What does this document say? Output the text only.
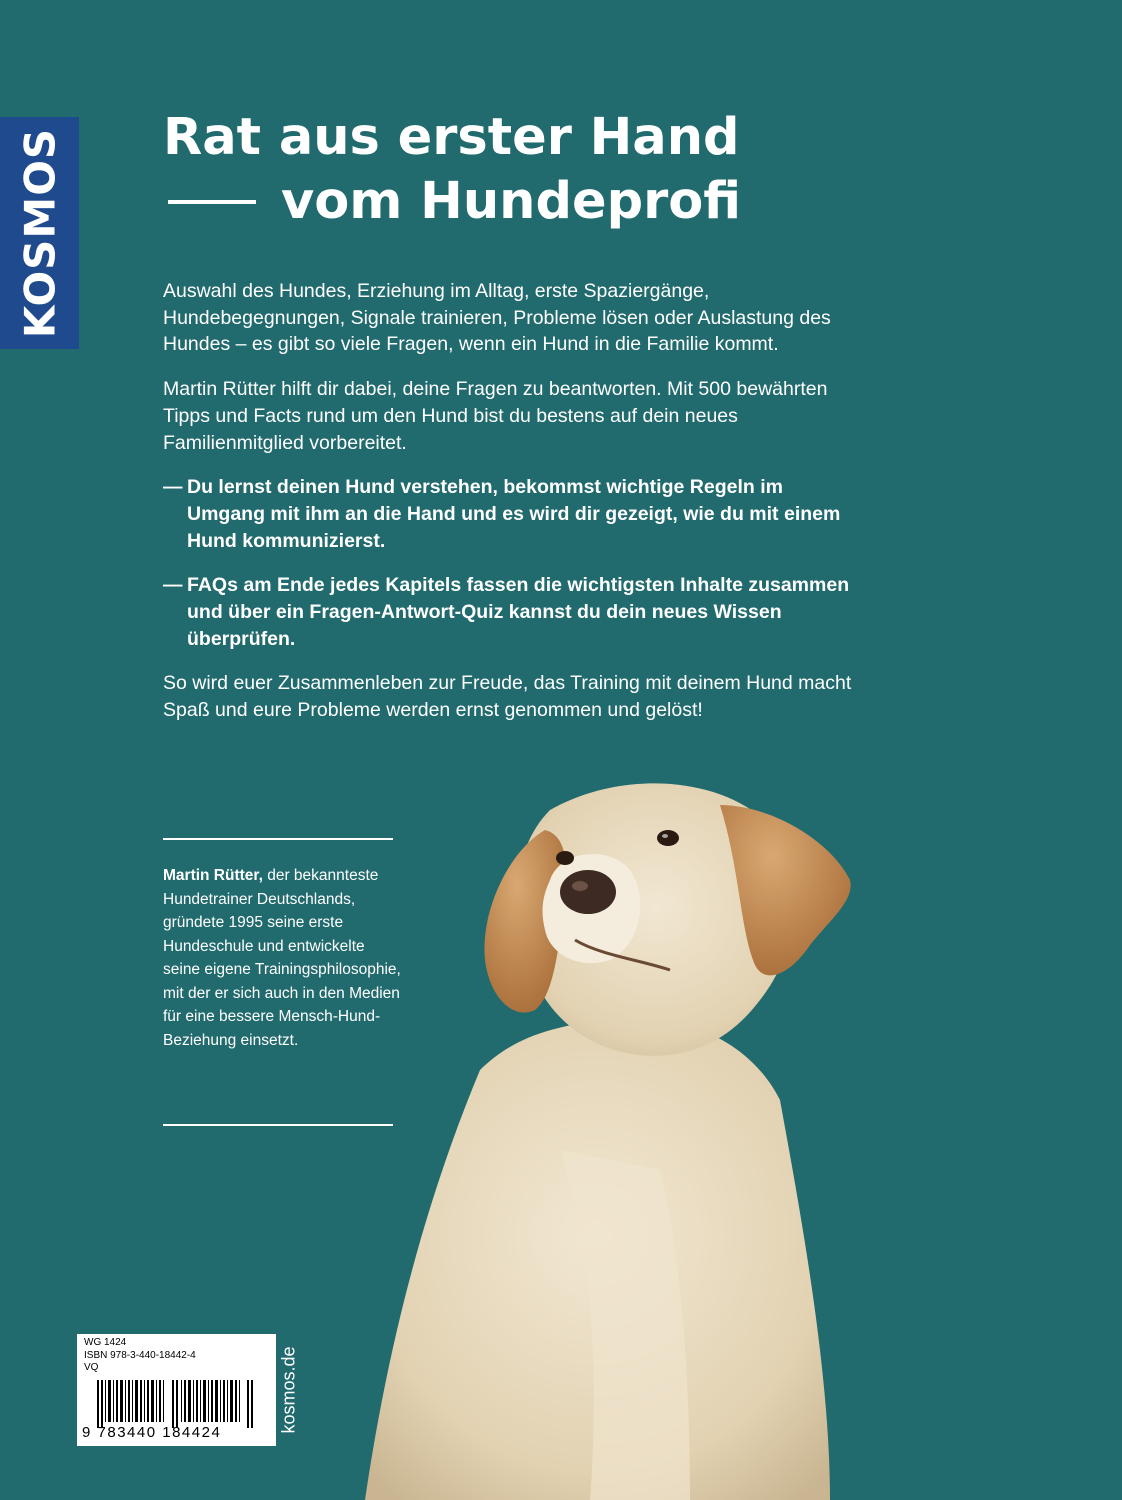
KOSMOS Rat aus erster Hand
vom Hundeprofi

Auswahl des Hundes, Erziehung im Alltag, erste Spaziergänge, Hundebegegnungen, Signale trainieren, Probleme lösen oder Auslastung des Hundes – es gibt so viele Fragen, wenn ein Hund in die Familie kommt.

Martin Rütter hilft dir dabei, deine Fragen zu beantworten. Mit 500 bewährten Tipps und Facts rund um den Hund bist du bestens auf dein neues Familienmitglied vorbereitet.

— Du lernst deinen Hund verstehen, bekommst wichtige Regeln im Umgang mit ihm an die Hand und es wird dir gezeigt, wie du mit einem Hund kommunizierst.
— FAQs am Ende jedes Kapitels fassen die wichtigsten Inhalte zusammen und über ein Fragen-Antwort-Quiz kannst du dein neues Wissen überprüfen.

So wird euer Zusammenleben zur Freude, das Training mit deinem Hund macht Spaß und eure Probleme werden ernst genommen und gelöst!

Martin Rütter, der bekannteste Hundetrainer Deutschlands, gründete 1995 seine erste Hundeschule und entwickelte seine eigene Trainingsphilosophie, mit der er sich auch in den Medien für eine bessere Mensch-Hund-Beziehung einsetzt.
WG 1424
ISBN 978-3-440-18442-4
VQ
9 783440 184424	kosmos.de
